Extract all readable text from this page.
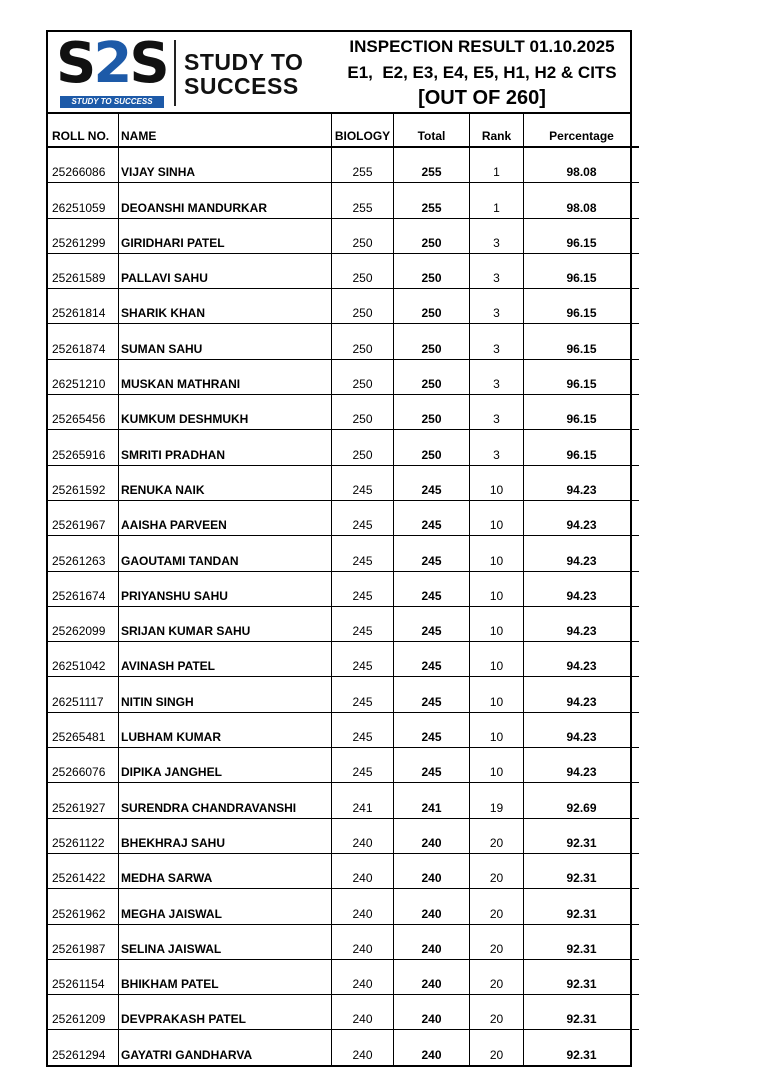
S2S
STUDY TO SUCCESS
STUDY TO
SUCCESS
INSPECTION RESULT 01.10.2025
E1,  E2, E3, E4, E5, H1, H2 & CITS
[OUT OF 260]
ROLL NO.	NAME	BIOLOGY	Total	Rank	Percentage
25266086	VIJAY SINHA	255	255	1	98.08
26251059	DEOANSHI MANDURKAR	255	255	1	98.08
25261299	GIRIDHARI PATEL	250	250	3	96.15
25261589	PALLAVI SAHU	250	250	3	96.15
25261814	SHARIK KHAN	250	250	3	96.15
25261874	SUMAN SAHU	250	250	3	96.15
26251210	MUSKAN MATHRANI	250	250	3	96.15
25265456	KUMKUM DESHMUKH	250	250	3	96.15
25265916	SMRITI PRADHAN	250	250	3	96.15
25261592	RENUKA NAIK	245	245	10	94.23
25261967	AAISHA PARVEEN	245	245	10	94.23
25261263	GAOUTAMI TANDAN	245	245	10	94.23
25261674	PRIYANSHU SAHU	245	245	10	94.23
25262099	SRIJAN KUMAR SAHU	245	245	10	94.23
26251042	AVINASH PATEL	245	245	10	94.23
26251117	NITIN SINGH	245	245	10	94.23
25265481	LUBHAM KUMAR	245	245	10	94.23
25266076	DIPIKA JANGHEL	245	245	10	94.23
25261927	SURENDRA CHANDRAVANSHI	241	241	19	92.69
25261122	BHEKHRAJ SAHU	240	240	20	92.31
25261422	MEDHA SARWA	240	240	20	92.31
25261962	MEGHA JAISWAL	240	240	20	92.31
25261987	SELINA JAISWAL	240	240	20	92.31
25261154	BHIKHAM PATEL	240	240	20	92.31
25261209	DEVPRAKASH PATEL	240	240	20	92.31
25261294	GAYATRI GANDHARVA	240	240	20	92.31
